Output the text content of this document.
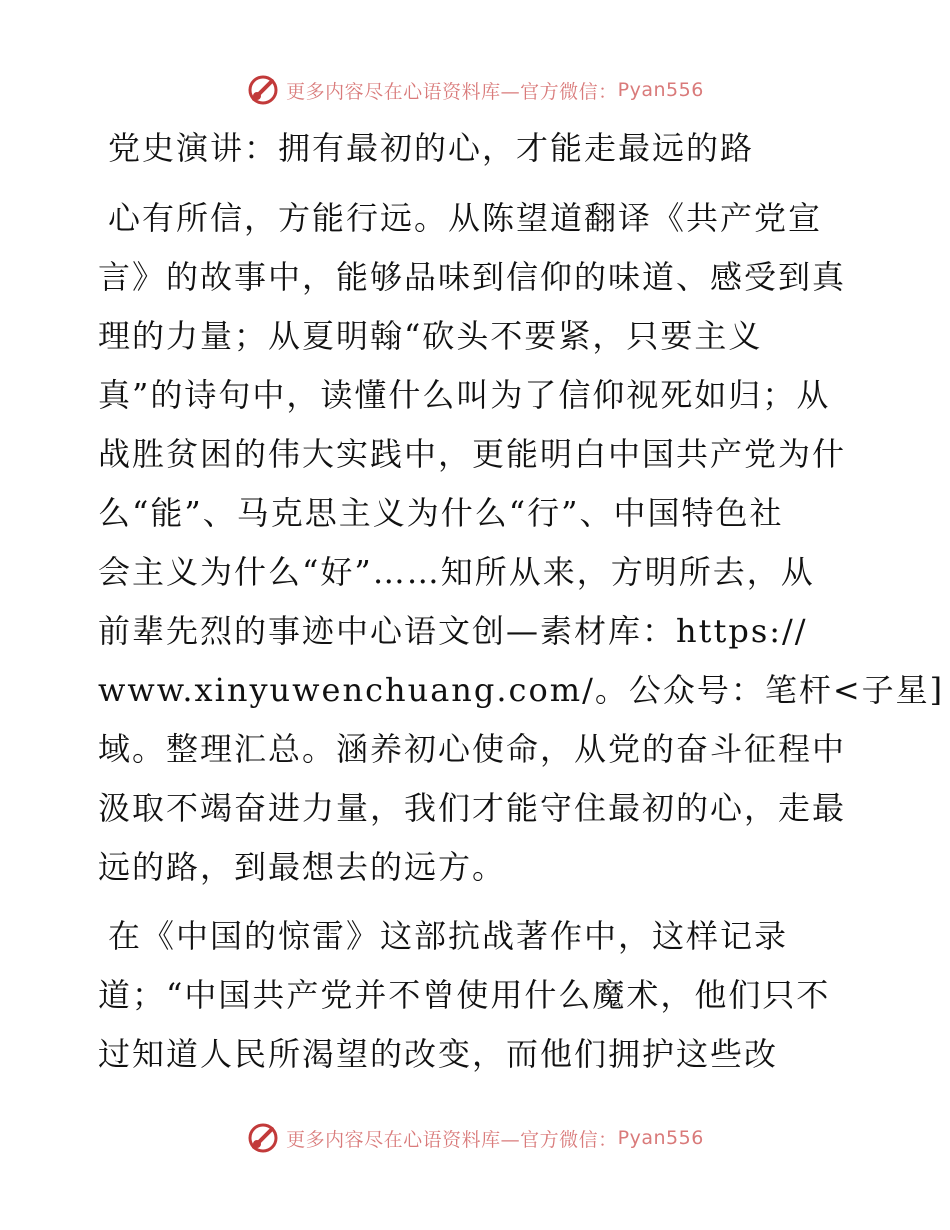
更多内容尽在心语资料库—官方微信： Pyan556
党史演讲：拥有最初的心，才能走最远的路
心有所信，方能行远。从陈望道翻译《共产党宣
言》的故事中，能够品味到信仰的味道、感受到真
理的力量；从夏明翰“砍头不要紧，只要主义
真”的诗句中，读懂什么叫为了信仰视死如归；从
战胜贫困的伟大实践中，更能明白中国共产党为什
么“能”、马克思主义为什么“行”、中国特色社
会主义为什么“好”……知所从来，方明所去，从
前辈先烈的事迹中心语文创—素材库：https://
www.xinyuwenchuang.com/。公众号：笔杆<子星]
域。整理汇总。涵养初心使命，从党的奋斗征程中
汲取不竭奋进力量，我们才能守住最初的心，走最
远的路，到最想去的远方。
在《中国的惊雷》这部抗战著作中，这样记录
道；“中国共产党并不曾使用什么魔术，他们只不
过知道人民所渴望的改变，而他们拥护这些改
更多内容尽在心语资料库—官方微信： Pyan556
